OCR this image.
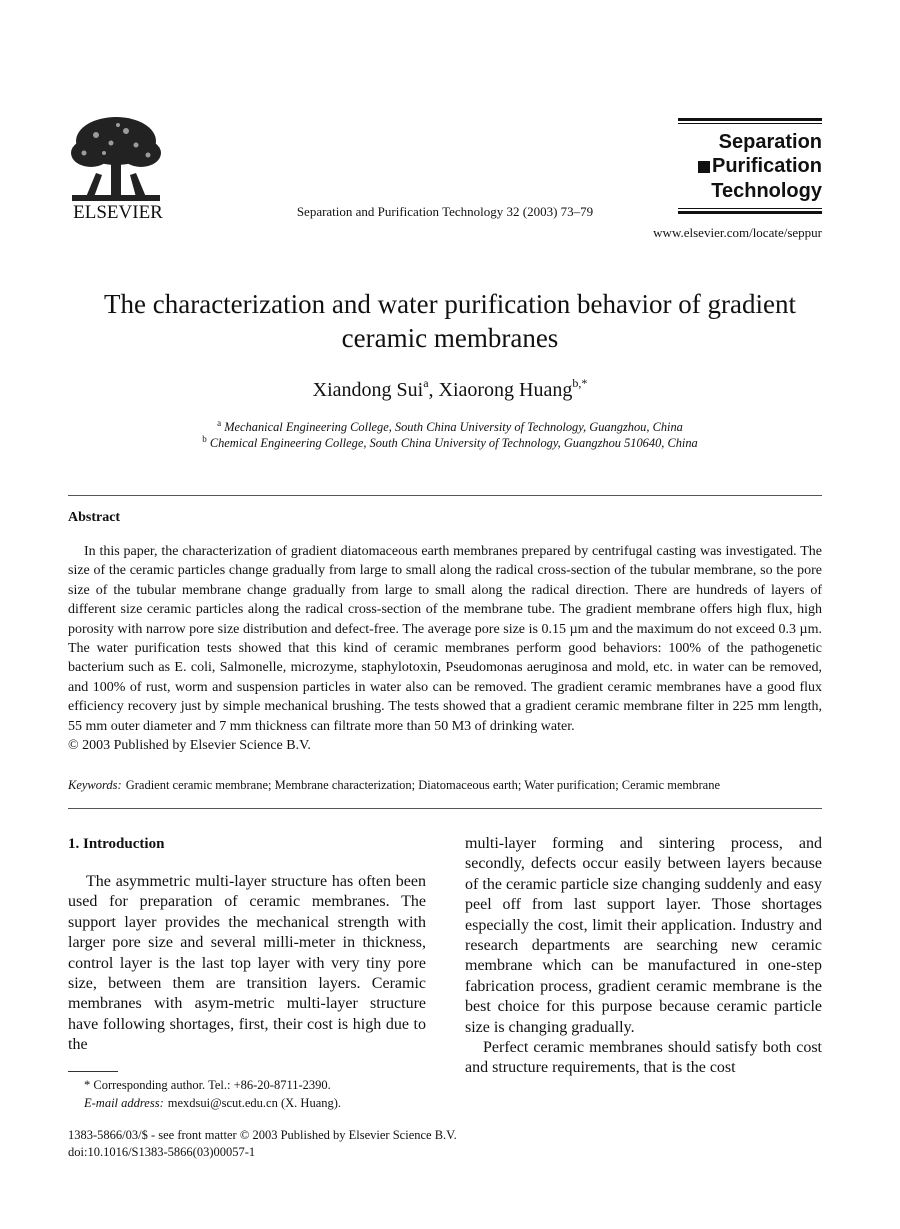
ELSEVIER	Separation and Purification Technology 32 (2003) 73–79
Separation
Purification
Technology
www.elsevier.com/locate/seppur
The characterization and water purification behavior of gradient ceramic membranes
Xiandong Sui$^a$, Xiaorong Huang$^{b,*}$
$^a$ Mechanical Engineering College, South China University of Technology, Guangzhou, China
$^b$ Chemical Engineering College, South China University of Technology, Guangzhou 510640, China
Abstract

In this paper, the characterization of gradient diatomaceous earth membranes prepared by centrifugal casting was investigated. The size of the ceramic particles change gradually from large to small along the radical cross-section of the tubular membrane, so the pore size of the tubular membrane change gradually from large to small along the radical direction. There are hundreds of layers of different size ceramic particles along the radical cross-section of the membrane tube. The gradient membrane offers high flux, high porosity with narrow pore size distribution and defect-free. The average pore size is 0.15 µm and the maximum do not exceed 0.3 µm. The water purification tests showed that this kind of ceramic membranes perform good behaviors: 100% of the pathogenetic bacterium such as E. coli, Salmonelle, microzyme, staphylotoxin, Pseudomonas aeruginosa and mold, etc. in water can be removed, and 100% of rust, worm and suspension particles in water also can be removed. The gradient ceramic membranes have a good flux efficiency recovery just by simple mechanical brushing. The tests showed that a gradient ceramic membrane filter in 225 mm length, 55 mm outer diameter and 7 mm thickness can filtrate more than 50 M3 of drinking water.

© 2003 Published by Elsevier Science B.V.

Keywords: Gradient ceramic membrane; Membrane characterization; Diatomaceous earth; Water purification; Ceramic membrane
1. Introduction

The asymmetric multi-layer structure has often been used for preparation of ceramic membranes. The support layer provides the mechanical strength with larger pore size and several milli-meter in thickness, control layer is the last top layer with very tiny pore size, between them are transition layers. Ceramic membranes with asym-metric multi-layer structure have following shortages, first, their cost is high due to the

multi-layer forming and sintering process, and secondly, defects occur easily between layers because of the ceramic particle size changing suddenly and easy peel off from last support layer. Those shortages especially the cost, limit their application. Industry and research departments are searching new ceramic membrane which can be manufactured in one-step fabrication process, gradient ceramic membrane is the best choice for this purpose because ceramic particle size is changing gradually.

Perfect ceramic membranes should satisfy both cost and structure requirements, that is the cost

* Corresponding author. Tel.: +86-20-8711-2390.
E-mail address: mexdsui@scut.edu.cn (X. Huang).
1383-5866/03/$ - see front matter © 2003 Published by Elsevier Science B.V.
doi:10.1016/S1383-5866(03)00057-1
